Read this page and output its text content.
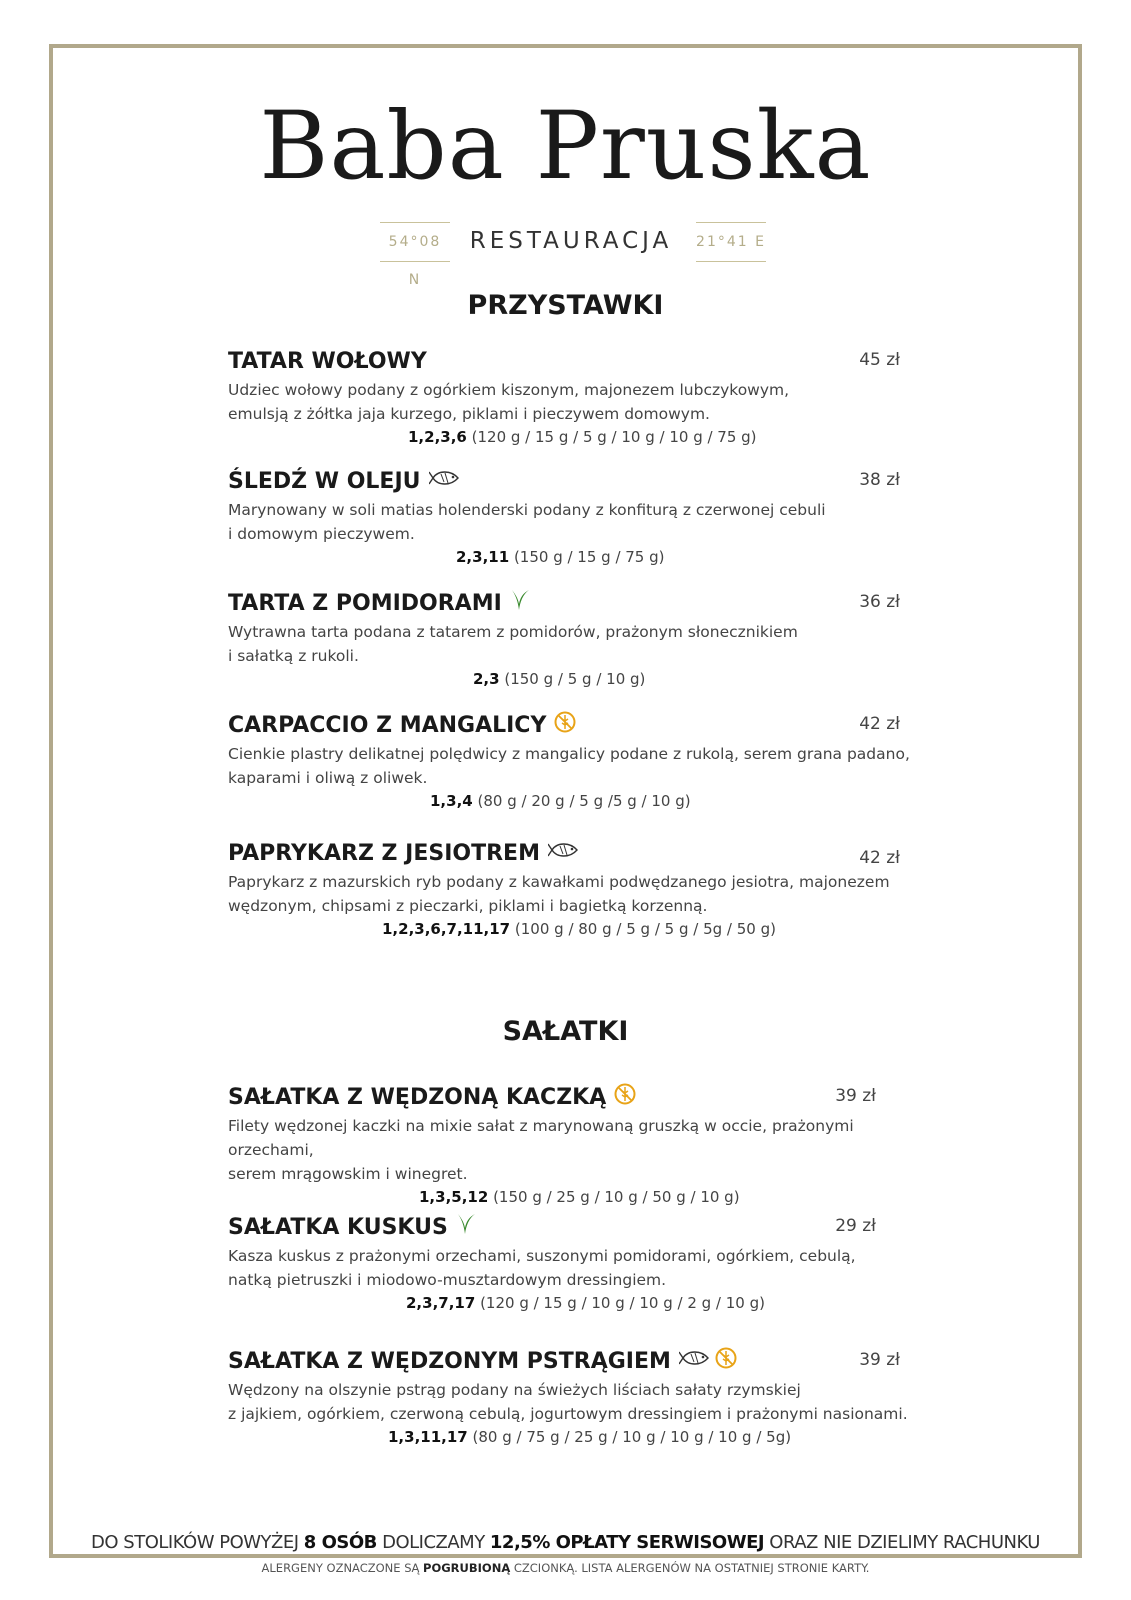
Baba Pruska
54°08 N
RESTAURACJA	21°41 E
PRZYSTAWKI
TATAR WOŁOWY	45 zł
Udziec wołowy podany z ogórkiem kiszonym, majonezem lubczykowym,
emulsją z żółtka jaja kurzego, piklami i pieczywem domowym.
1,2,3,6 (120 g / 15 g / 5 g / 10 g / 10 g / 75 g)
ŚLEDŹ W OLEJU	38 zł
Marynowany w soli matias holenderski podany z konfiturą z czerwonej cebuli
i domowym pieczywem.
2,3,11 (150 g / 15 g / 75 g)
TARTA Z POMIDORAMI	36 zł
Wytrawna tarta podana z tatarem z pomidorów, prażonym słonecznikiem
i sałatką z rukoli.
2,3 (150 g / 5 g / 10 g)
CARPACCIO Z MANGALICY	42 zł
Cienkie plastry delikatnej polędwicy z mangalicy podane z rukolą, serem grana padano,
kaparami i oliwą z oliwek.
1,3,4 (80 g / 20 g / 5 g /5 g / 10 g)
PAPRYKARZ Z JESIOTREM	42 zł
Paprykarz z mazurskich ryb podany z kawałkami podwędzanego jesiotra, majonezem
wędzonym, chipsami z pieczarki, piklami i bagietką korzenną.
1,2,3,6,7,11,17 (100 g / 80 g / 5 g / 5 g / 5g / 50 g)
SAŁATKI
SAŁATKA Z WĘDZONĄ KACZKĄ	39 zł
Filety wędzonej kaczki na mixie sałat z marynowaną gruszką w occie, prażonymi orzechami,
serem mrągowskim i winegret.
1,3,5,12 (150 g / 25 g / 10 g / 50 g / 10 g)
SAŁATKA KUSKUS	29 zł
Kasza kuskus z prażonymi orzechami, suszonymi pomidorami, ogórkiem, cebulą,
natką pietruszki i miodowo-musztardowym dressingiem.
2,3,7,17 (120 g / 15 g / 10 g / 10 g / 2 g / 10 g)
SAŁATKA Z WĘDZONYM PSTRĄGIEM	39 zł
Wędzony na olszynie pstrąg podany na świeżych liściach sałaty rzymskiej
z jajkiem, ogórkiem, czerwoną cebulą, jogurtowym dressingiem i prażonymi nasionami.
1,3,11,17 (80 g / 75 g / 25 g / 10 g / 10 g / 10 g / 5g)
DO STOLIKÓW POWYŻEJ 8 OSÓB DOLICZAMY 12,5% OPŁATY SERWISOWEJ ORAZ NIE DZIELIMY RACHUNKU
ALERGENY OZNACZONE SĄ POGRUBIONĄ CZCIONKĄ. LISTA ALERGENÓW NA OSTATNIEJ STRONIE KARTY.
